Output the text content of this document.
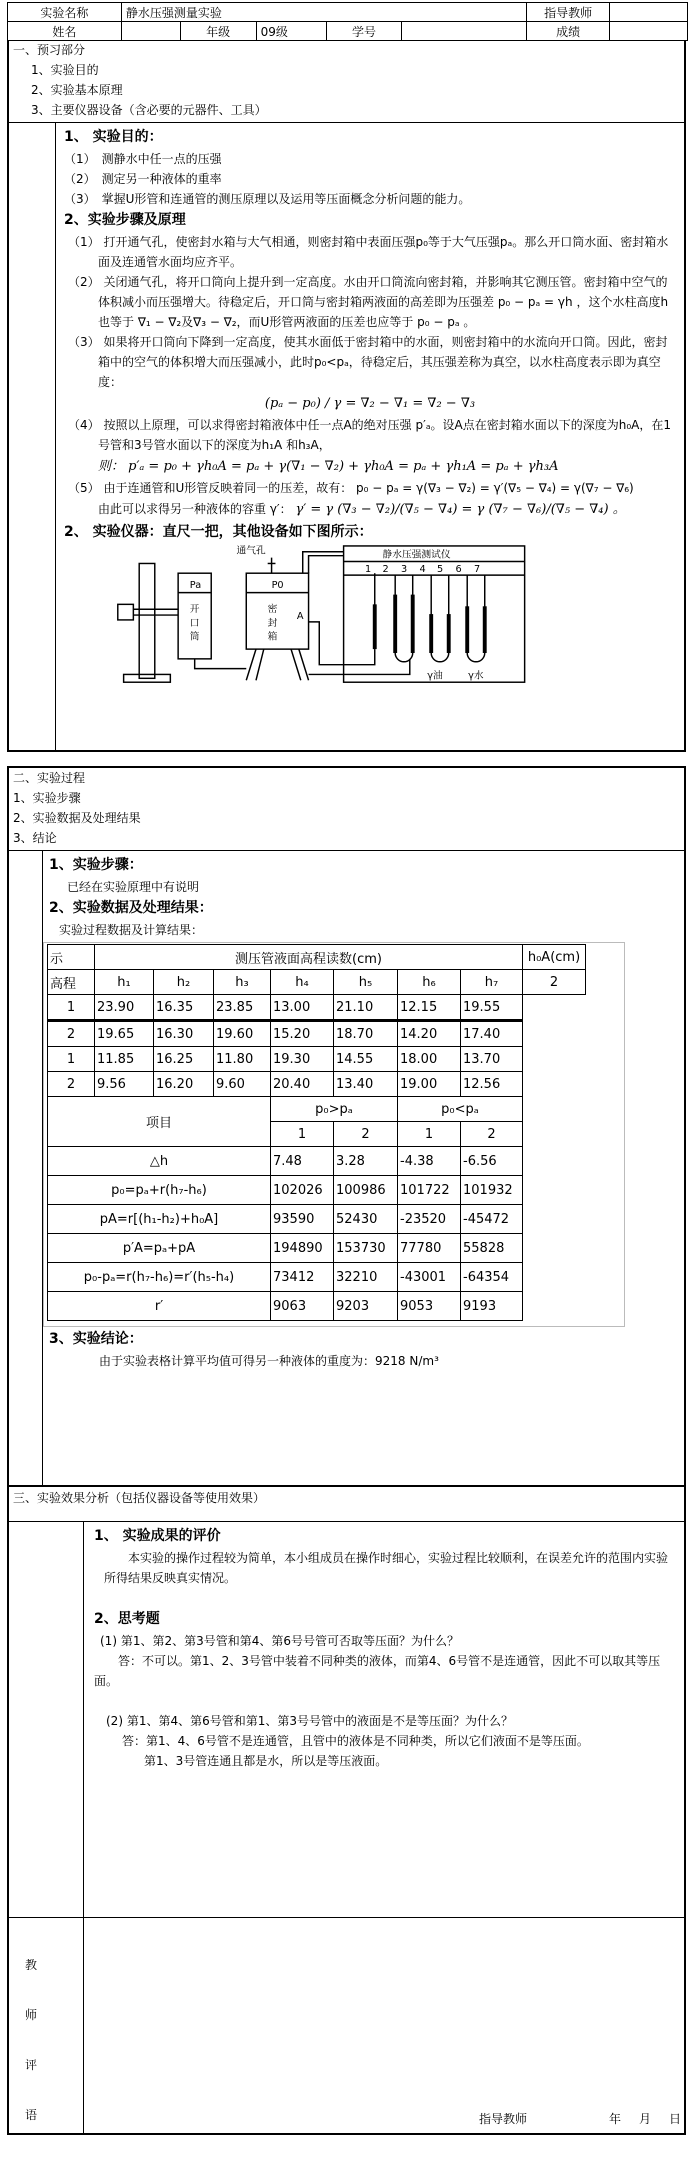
实验名称	静水压强测量实验					指导教师	
姓名		年级	09级	学号		成绩	
一、预习部分
1、实验目的
2、实验基本原理
3、主要仪器设备（含必要的元器件、工具）
1、 实验目的：

（1）　测静水中任一点的压强

（2）　测定另一种液体的重率

（3）　掌握U形管和连通管的测压原理以及运用等压面概念分析问题的能力。

2、实验步骤及原理

（1） 打开通气孔，使密封水箱与大气相通，则密封箱中表面压强p₀等于大气压强pₐ。那么开口筒水面、密封箱水面及连通管水面均应齐平。

（2） 关闭通气孔，将开口筒向上提升到一定高度。水由开口筒流向密封箱，并影响其它测压管。密封箱中空气的体积减小而压强增大。待稳定后，开口筒与密封箱两液面的高差即为压强差 p₀ − pₐ = γh ，这个水柱高度h也等于 ∇₁ − ∇₂及∇₃ − ∇₂，而U形管两液面的压差也应等于 p₀ − pₐ 。

（3） 如果将开口筒向下降到一定高度，使其水面低于密封箱中的水面，则密封箱中的水流向开口筒。因此，密封箱中的空气的体积增大而压强减小，此时p₀<pₐ，待稳定后，其压强差称为真空，以水柱高度表示即为真空度：

(pₐ − p₀) / γ = ∇₂ − ∇₁ = ∇₂ − ∇₃

（4） 按照以上原理，可以求得密封箱液体中任一点A的绝对压强 p′ₐ。设A点在密封箱水面以下的深度为h₀A，在1号管和3号管水面以下的深度为h₁A 和h₃A，

则： p′ₐ = p₀ + γh₀A = pₐ + γ(∇₁ − ∇₂) + γh₀A = pₐ + γh₁A = pₐ + γh₃A

（5） 由于连通管和U形管反映着同一的压差，故有： p₀ − pₐ = γ(∇₃ − ∇₂) = γ′(∇₅ − ∇₄) = γ(∇₇ − ∇₆)

由此可以求得另一种液体的容重 γ′： γ′ = γ (∇₃ − ∇₂)/(∇₅ − ∇₄) = γ (∇₇ − ∇₆)/(∇₅ − ∇₄) 。

2、 实验仪器：直尺一把，其他设备如下图所示：
通气孔
Pa	P0
开
口
筒
密
封
箱
A
静水压强测试仪
1 2 3 4 5 6 7
γ油	γ水
二、实验过程
1、实验步骤
2、实验数据及处理结果
3、结论
1、实验步骤：

已经在实验原理中有说明

2、实验数据及处理结果：

实验过程数据及计算结果：

示	测压管液面高程读数(cm)							h₀A(cm)
高程	h₁	h₂	h₃	h₄	h₅	h₆	h₇	2
1	23.90	16.35	23.85	13.00	21.10	12.15	19.55	
2	19.65	16.30	19.60	15.20	18.70	14.20	17.40	
1	11.85	16.25	11.80	19.30	14.55	18.00	13.70	
2	9.56	16.20	9.60	20.40	13.40	19.00	12.56	
项目				p₀>pₐ		p₀<pₐ		
				1	2	1	2	
△h				7.48	3.28	-4.38	-6.56	
p₀=pₐ+r(h₇-h₆)				102026	100986	101722	101932	
pA=r[(h₁-h₂)+h₀A]				93590	52430	-23520	-45472	
p′A=pₐ+pA				194890	153730	77780	55828	
p₀-pₐ=r(h₇-h₆)=r′(h₅-h₄)				73412	32210	-43001	-64354	
r′				9063	9203	9053	9193	
3、实验结论：

由于实验表格计算平均值可得另一种液体的重度为：9218 N/m³

三、实验效果分析（包括仪器设备等使用效果）
1、 实验成果的评价

本实验的操作过程较为简单，本小组成员在操作时细心，实验过程比较顺利，在误差允许的范围内实验所得结果反映真实情况。

2、思考题

(1) 第1、第2、第3号管和第4、第6号号管可否取等压面？为什么？

答：不可以。第1、2、3号管中装着不同种类的液体，而第4、6号管不是连通管，因此不可以取其等压面。

(2) 第1、第4、第6号管和第1、第3号号管中的液面是不是等压面？为什么？

答：第1、4、6号管不是连通管，且管中的液体是不同种类，所以它们液面不是等压面。

第1、3号管连通且都是水，所以是等压液面。

教
师
评
语	指导教师	年 月 日
